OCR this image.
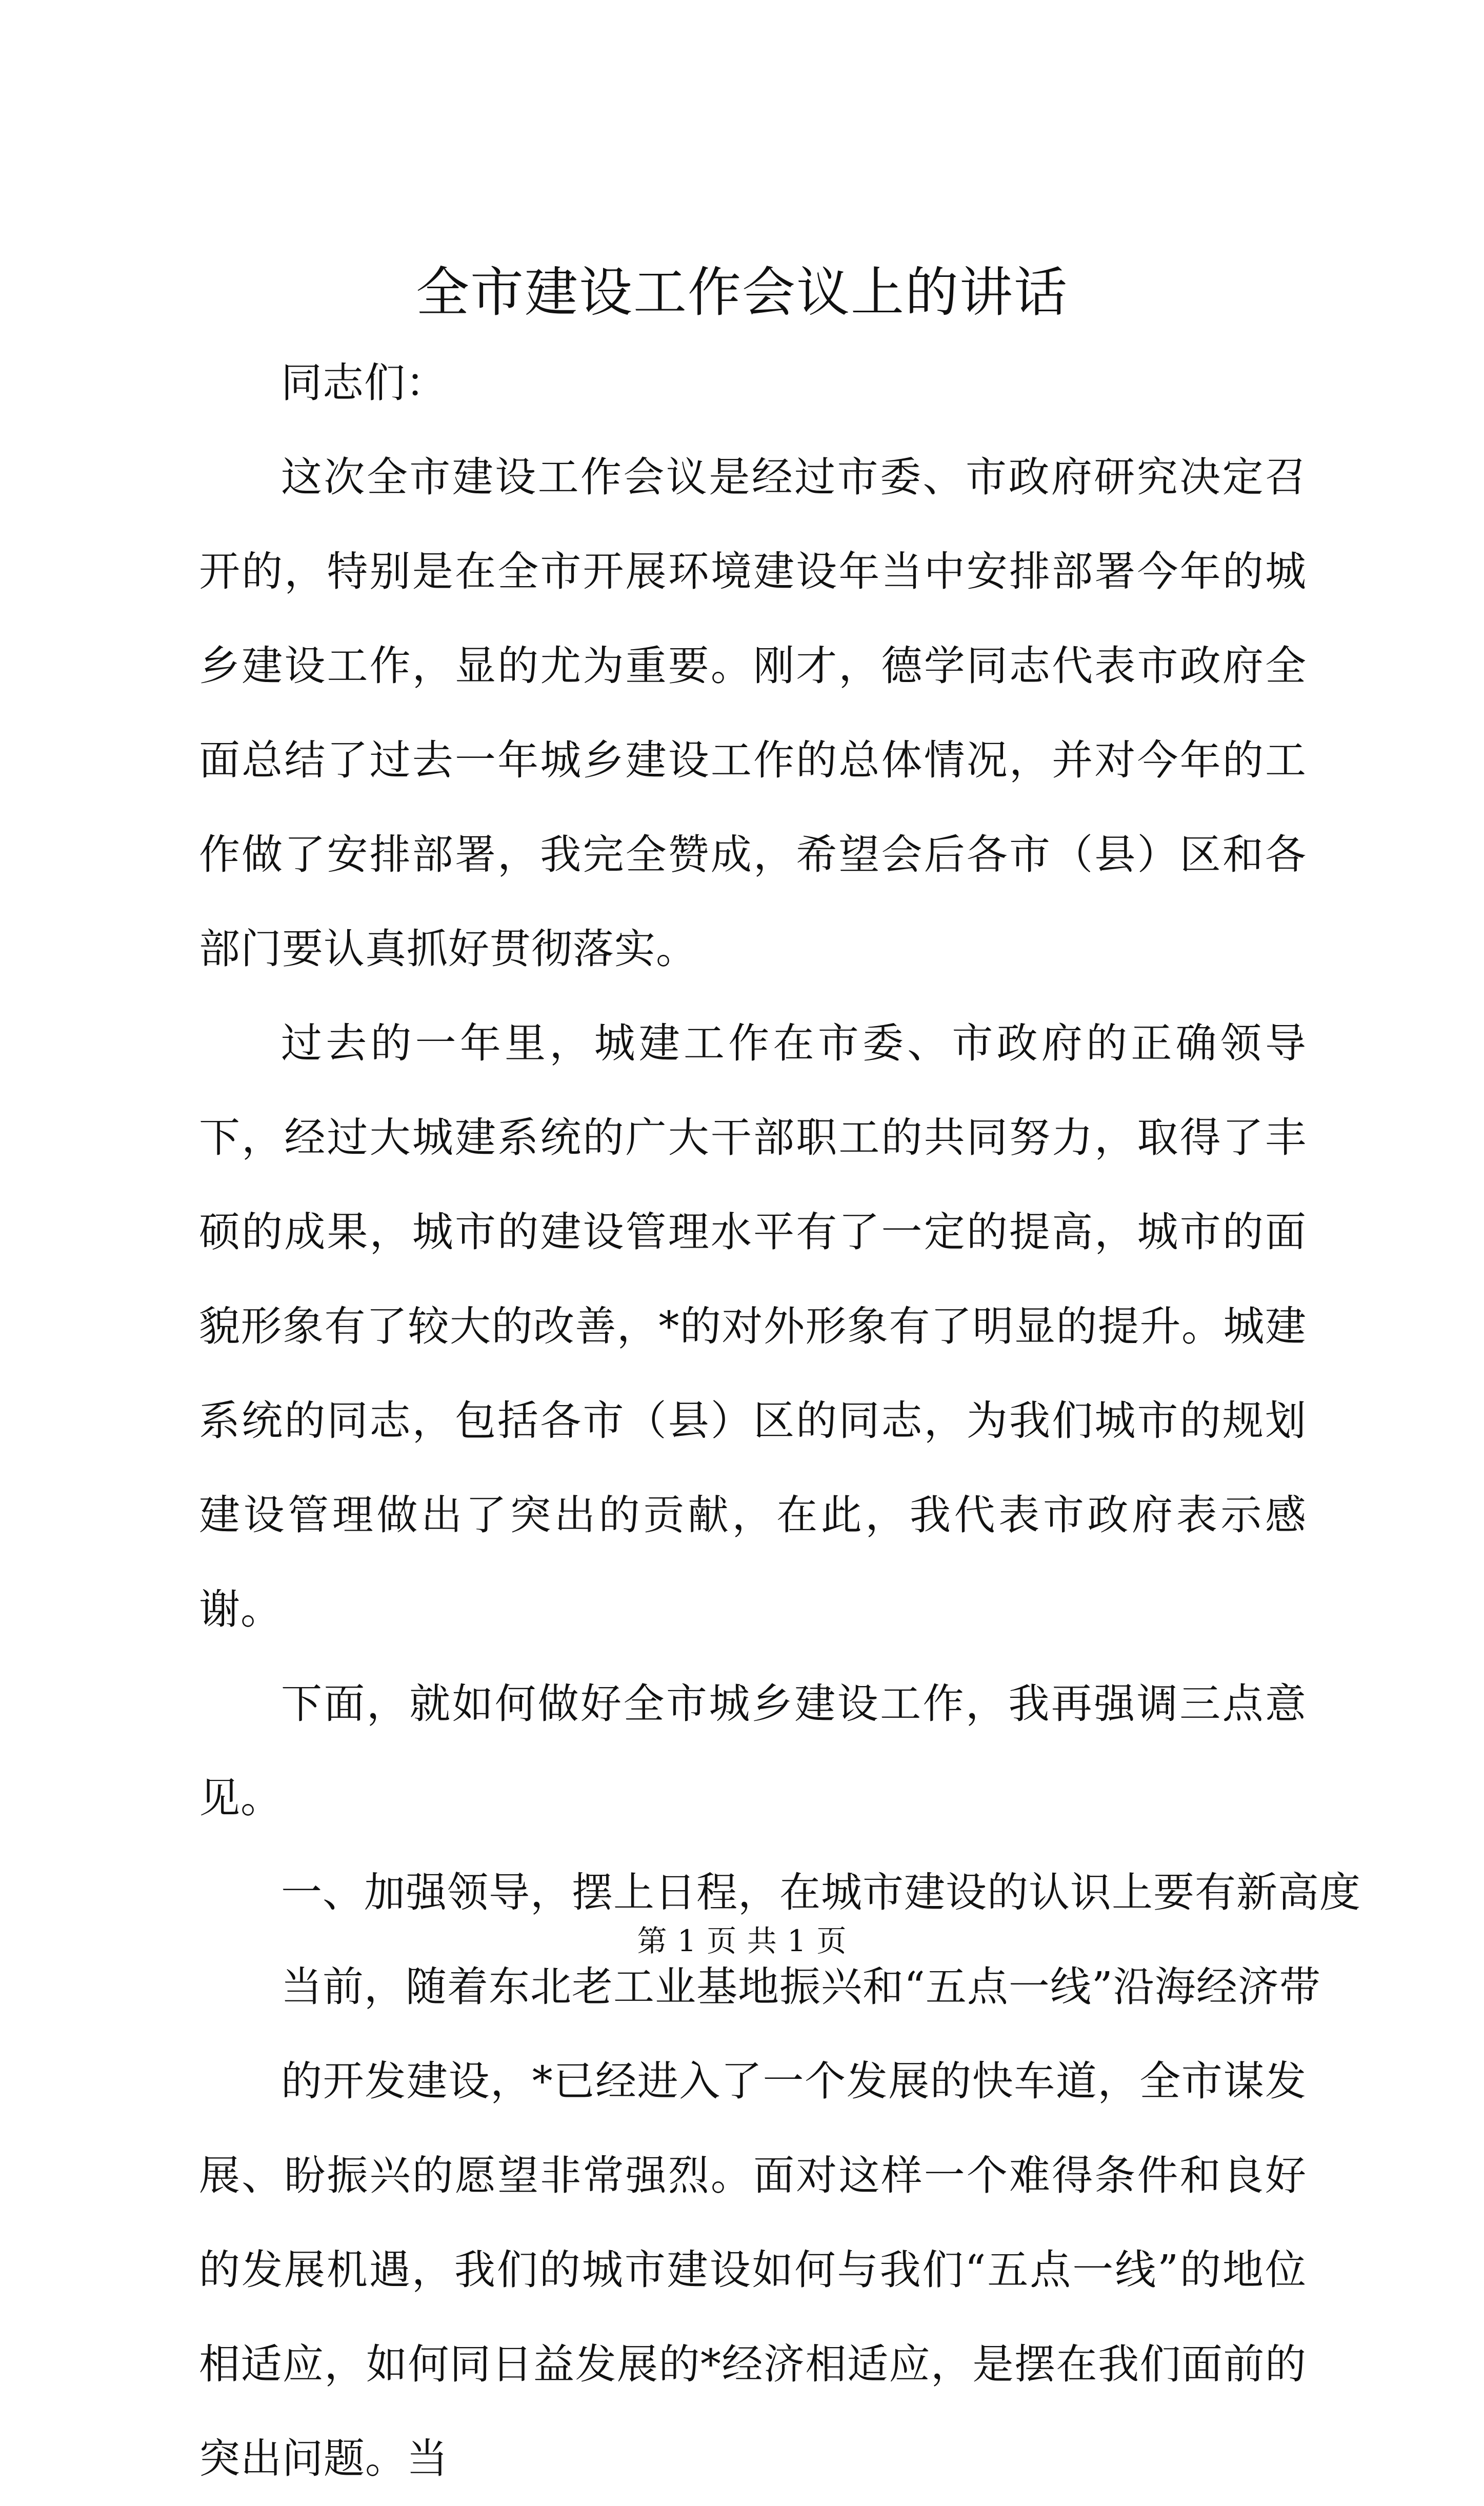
全市建设工作会议上的讲话

同志们：

这次全市建设工作会议是经过市委、市政府研究决定召开的，特别是在全市开展环境建设年当中安排部署今年的城乡建设工作，显的尤为重要。刚才，德学同志代表市政府全面总结了过去一年城乡建设工作的总体情况，并对今年的工作做了安排部署，我完全赞成，希望会后各市（县）区和各部门要认真抓好贯彻落实。

过去的一年里，城建工作在市委、市政府的正确领导下，经过大城建系统的广大干部职工的共同努力，取得了丰硕的成果，城市的建设管理水平有了一定的提高，城市的面貌形象有了较大的改善，*的对外形象有了明显的提升。城建系统的同志，包括各市（县）区的同志，为我们城市的规划建设管理做出了突出的贡献，在此，我代表市政府表示感谢。

下面，就如何做好全市城乡建设工作，我再强调三点意见。

一、加强领导，摆上日程，在城市建设的认识上要有新高度

当前，随着东北老工业基地振兴和“五点一线”沿海经济带

的开发建设，*已经进入了一个发展的快车道，全市谋发展、盼振兴的愿望非常强烈。面对这样一个难得条件和良好的发展机遇，我们的城市建设如何与我们“五点一线”的地位相适应，如何同日益发展的*经济相适应，是摆在我们面前的突出问题。当

第 1 页 共 1 页
